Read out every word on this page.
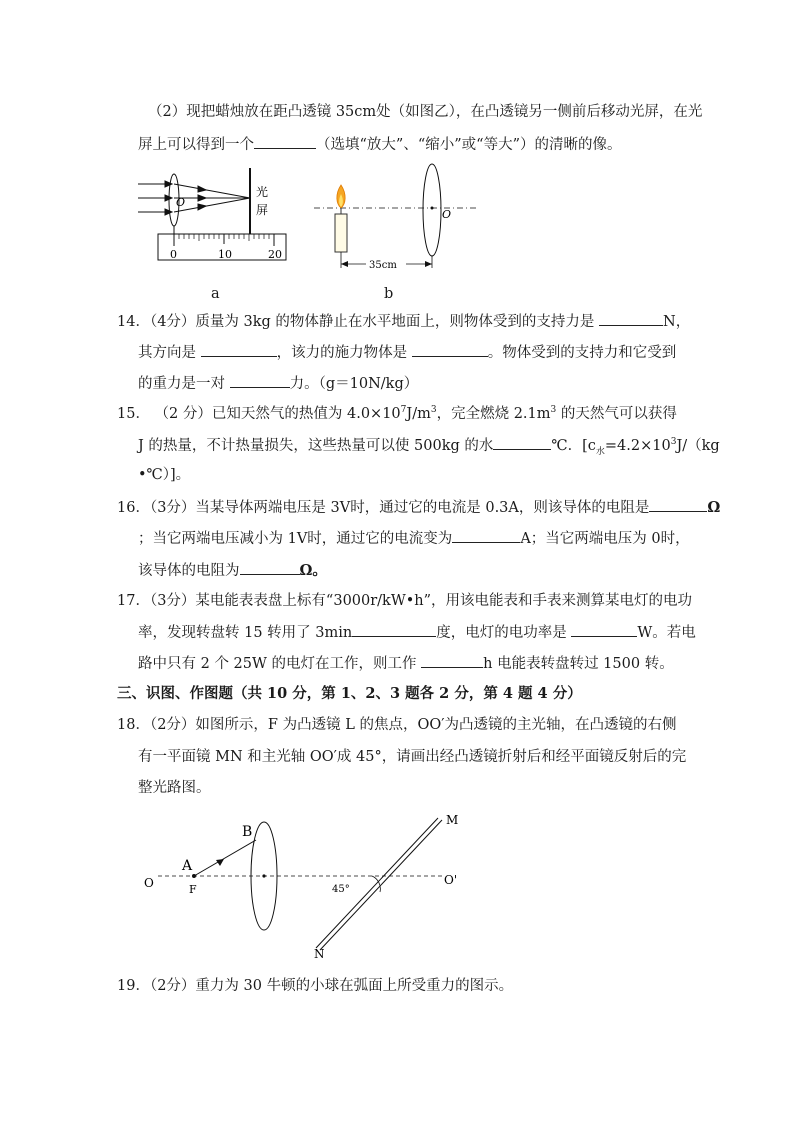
（2）现把蜡烛放在距凸透镜 35cm处（如图乙），在凸透镜另一侧前后移动光屏，在光
屏上可以得到一个	（选填“放大”、“缩小”或“等大”）的清晰的像。
O
光
屏
0	10	20
35cm
O
a	b
14．（4分）质量为 3kg 的物体静止在水平地面上，则物体受到的支持力是	N，
其方向是	，该力的施力物体是	。物体受到的支持力和它受到
的重力是一对	力。（g＝10N/kg）
15． （2 分）已知天然气的热值为 $4.0\times 10^7J/m^3$，完全燃烧 $2.1m^3$ 的天然气可以获得
J 的热量，不计热量损失，这些热量可以使 500kg 的水	℃．[$c_水=4.2\times 10^3J/(kg$
•℃）]。
16．（3分）当某导体两端电压是 3V时，通过它的电流是 0.3A，则该导体的电阻是	Ω
；当它两端电压减小为 1V时，通过它的电流变为	A；当它两端电压为 0时，
该导体的电阻为	Ω。
17．（3分）某电能表表盘上标有“3000r/kW•h”，用该电能表和手表来测算某电灯的电功
率，发现转盘转 15 转用了 3min	度，电灯的电功率是	W。若电
路中只有 2 个 25W 的电灯在工作，则工作	h 电能表转盘转过 1500 转。
三、识图、作图题（共 10 分，第 1、2、3 题各 2 分，第 4 题 4 分）
18．（2分）如图所示，F 为凸透镜 L 的焦点，OO′为凸透镜的主光轴，在凸透镜的右侧
有一平面镜 MN 和主光轴 OO′成 45°，请画出经凸透镜折射后和经平面镜反射后的完
整光路图。
O	F
A
B
M
N
O'
45°
19．（2分）重力为 30 牛顿的小球在弧面上所受重力的图示。
